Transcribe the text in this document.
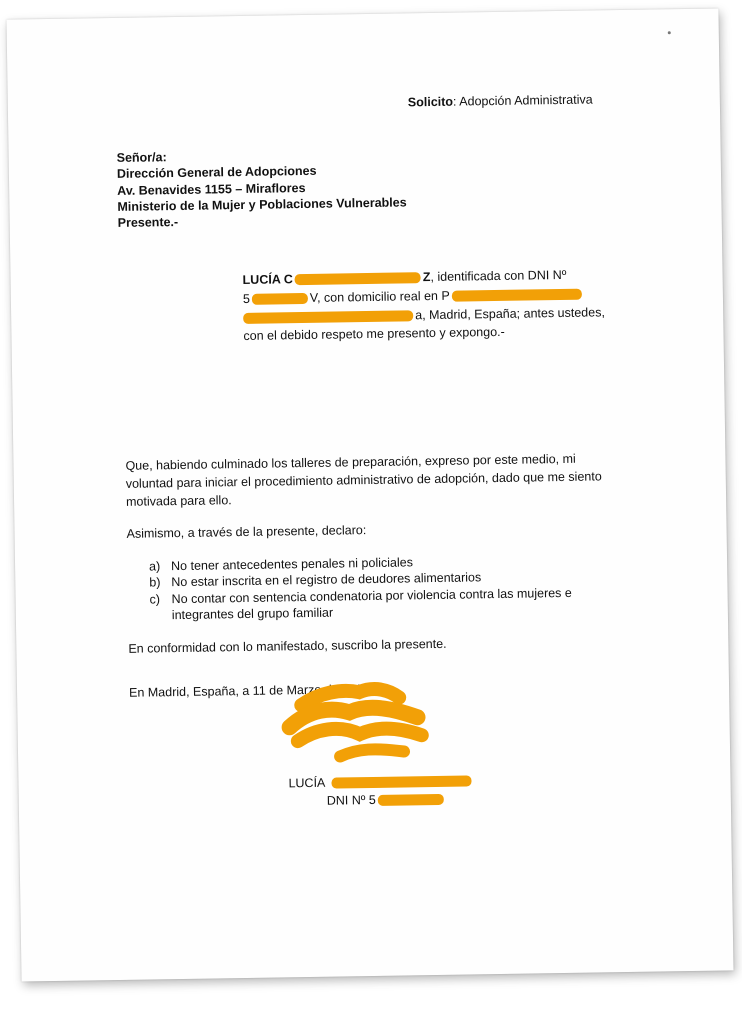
Solicito: Adopción Administrativa
Señor/a:
Dirección General de Adopciones
Av. Benavides 1155 – Miraflores
Ministerio de la Mujer y Poblaciones Vulnerables
Presente.-
LUCÍA C	Z, identificada con DNI Nº
5	V, con domicilio real en P
a, Madrid, España; antes ustedes,
con el debido respeto me presento y expongo.-

Que, habiendo culminado los talleres de preparación, expreso por este medio, mi voluntad para iniciar el procedimiento administrativo de adopción, dado que me siento motivada para ello.

Asimismo, a través de la presente, declaro:

a) No tener antecedentes penales ni policiales
b) No estar inscrita en el registro de deudores alimentarios
c) No contar con sentencia condenatoria por violencia contra las mujeres e integrantes del grupo familiar

En conformidad con lo manifestado, suscribo la presente.

En Madrid, España, a 11 de Marzo de 2024.

LUCÍA
DNI Nº 5
